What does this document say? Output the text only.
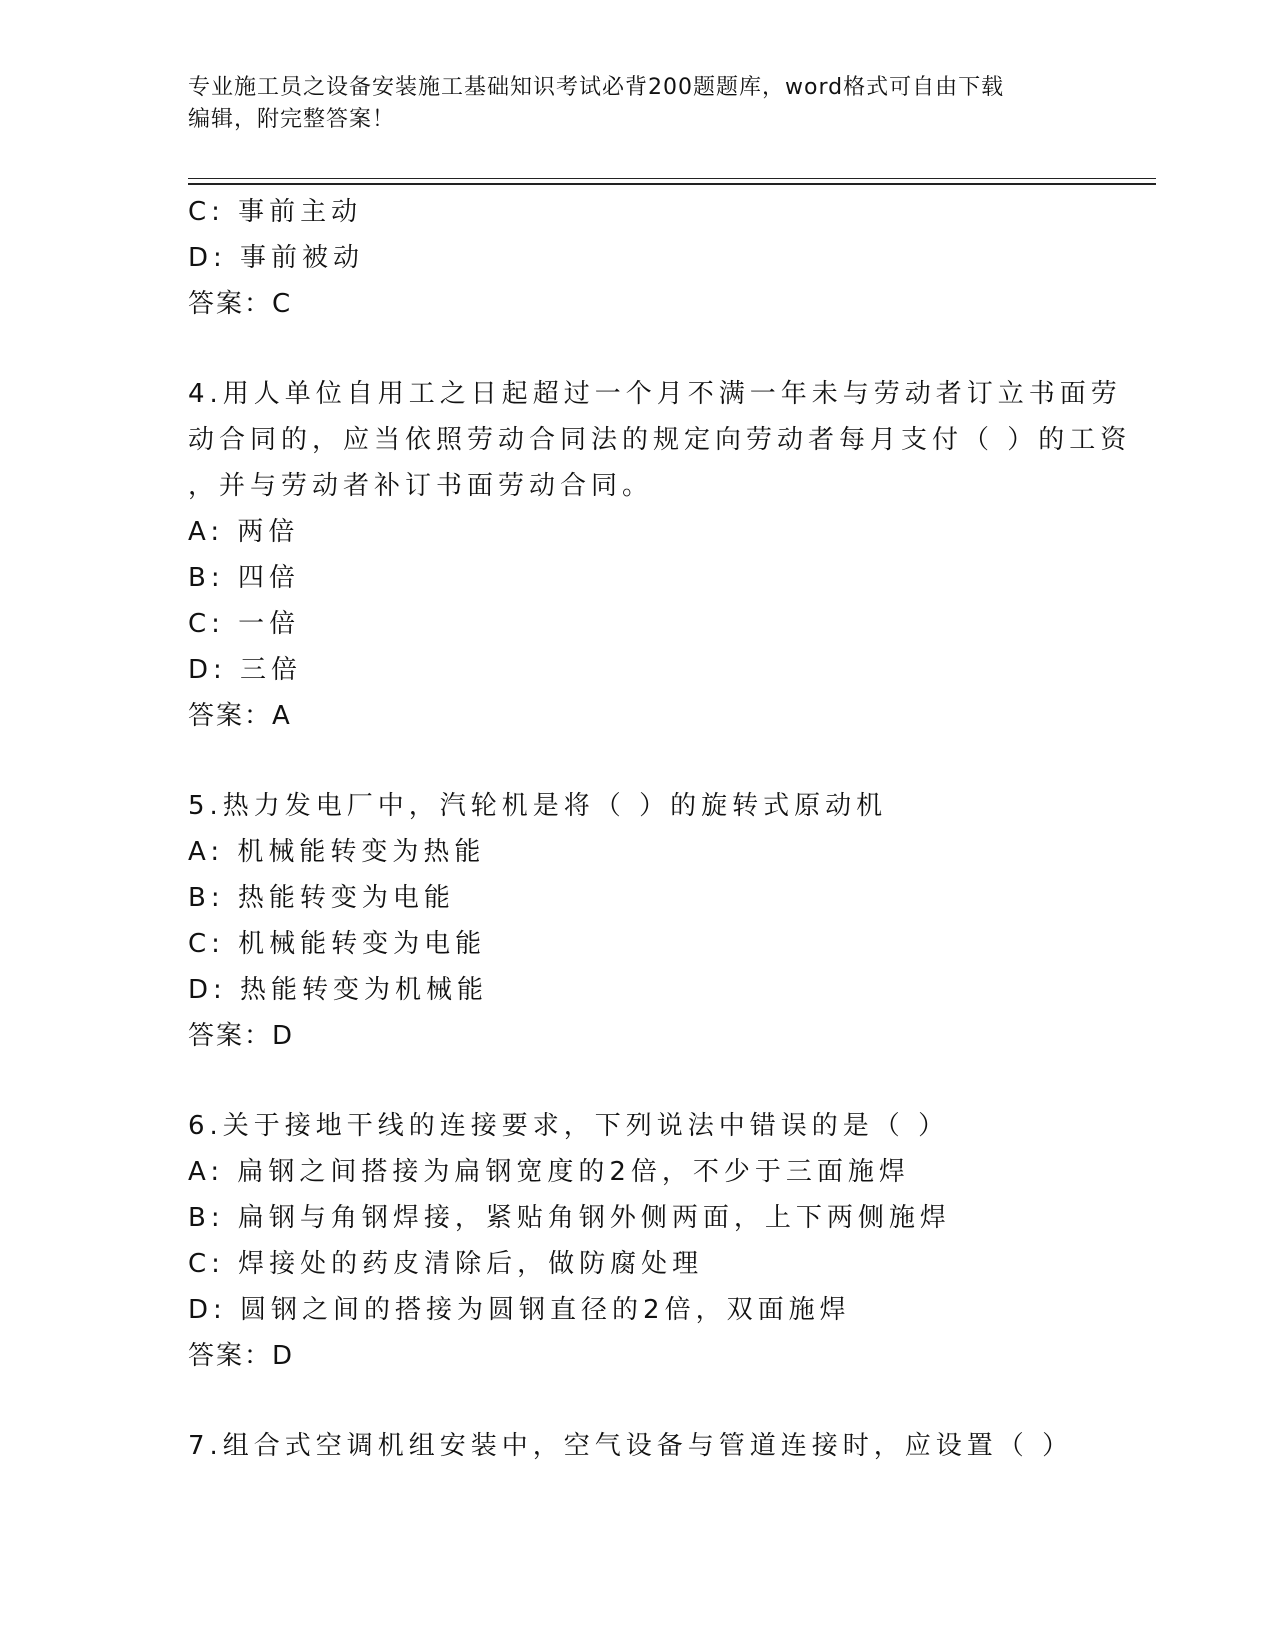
专业施工员之设备安装施工基础知识考试必背200题题库，word格式可自由下载
编辑，附完整答案！
C: 事前主动
D: 事前被动
答案：C
4.用人单位自用工之日起超过一个月不满一年未与劳动者订立书面劳
动合同的，应当依照劳动合同法的规定向劳动者每月支付（ ）的工资
，并与劳动者补订书面劳动合同。
A: 两倍
B: 四倍
C: 一倍
D: 三倍
答案：A
5.热力发电厂中，汽轮机是将（ ）的旋转式原动机
A: 机械能转变为热能
B: 热能转变为电能
C: 机械能转变为电能
D: 热能转变为机械能
答案：D
6.关于接地干线的连接要求，下列说法中错误的是（ ）
A: 扁钢之间搭接为扁钢宽度的2倍，不少于三面施焊
B: 扁钢与角钢焊接，紧贴角钢外侧两面，上下两侧施焊
C: 焊接处的药皮清除后，做防腐处理
D: 圆钢之间的搭接为圆钢直径的2倍，双面施焊
答案：D
7.组合式空调机组安装中，空气设备与管道连接时，应设置（ ）
